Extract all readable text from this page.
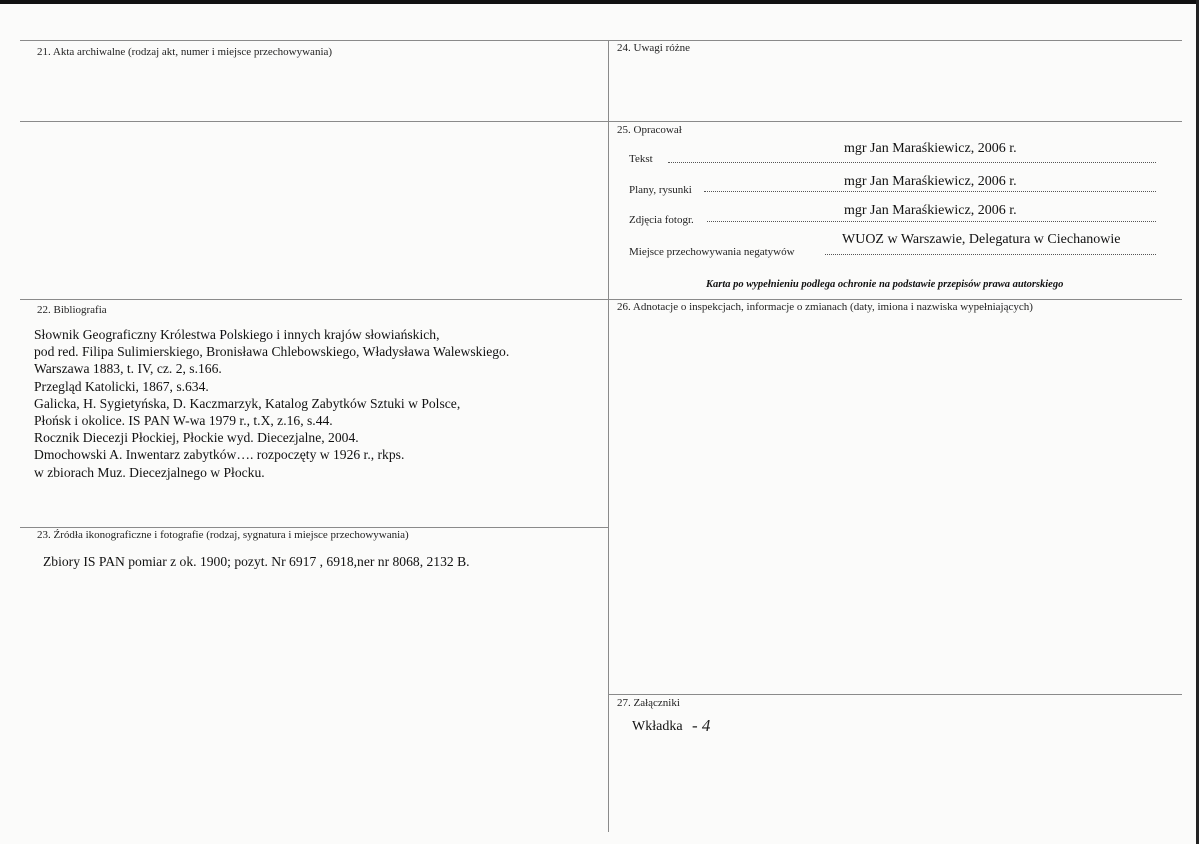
21. Akta archiwalne (rodzaj akt, numer i miejsce przechowywania)	24. Uwagi różne
25. Opracował
Tekst
mgr Jan Maraśkiewicz, 2006 r.
Plany, rysunki
mgr Jan Maraśkiewicz, 2006 r.
Zdjęcia fotogr.
mgr Jan Maraśkiewicz, 2006 r.
Miejsce przechowywania negatywów
WUOZ w Warszawie, Delegatura w Ciechanowie
Karta po wypełnieniu podlega ochronie na podstawie przepisów prawa autorskiego
22. Bibliografia
Słownik Geograficzny Królestwa Polskiego i innych krajów słowiańskich,
pod red. Filipa Sulimierskiego, Bronisława Chlebowskiego, Władysława Walewskiego.
Warszawa 1883, t. IV, cz. 2, s.166.
Przegląd Katolicki, 1867, s.634.
Galicka, H. Sygietyńska, D. Kaczmarzyk, Katalog Zabytków Sztuki w Polsce,
Płońsk i okolice. IS PAN W-wa 1979 r., t.X, z.16, s.44.
Rocznik Diecezji Płockiej, Płockie wyd. Diecezjalne, 2004.
Dmochowski A. Inwentarz zabytków…. rozpoczęty w 1926 r., rkps.
w zbiorach Muz. Diecezjalnego w Płocku.
26. Adnotacje o inspekcjach, informacje o zmianach (daty, imiona i nazwiska wypełniających)
23. Źródła ikonograficzne i fotografie (rodzaj, sygnatura i miejsce przechowywania)
Zbiory IS PAN pomiar z ok. 1900; pozyt. Nr 6917 , 6918,ner nr 8068, 2132 B.
27. Załączniki
Wkładka - 4
